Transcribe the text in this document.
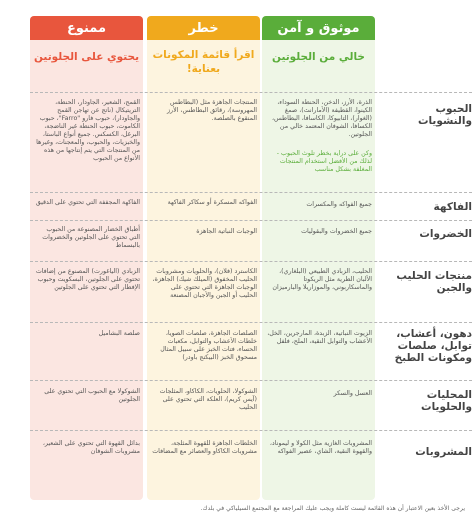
موثوق و آمن
خطر
ممنوع
خالي من الجلوتين
اقرأ قائمة المكونات بعناية!
يحتوي على الجلوتين
الحبوب والنشويات
الذرة، الأرز، الدخن، الحنطة السوداء، الكينوا، القطيفة (الأمارانث)، صمغ (الغوار)، التابيوكا، الكاسافا، البطاطس، الكسافا، الشوفان المعتمد خالي من الجلوتين.
وكن على دراية بخطر تلوث الحبوب - لذلك من الأفضل استخدام المنتجات المغلفة بشكل مناسب
المنتجات الجاهزة مثل (البطاطس المهروسة)، رقائق البطاطس، الأرز المنقوع بالصلصة.
القمح، الشعير، الجاودار، الحنطة، التريتيكال (ناتج عن تهاجن القمح والجاودار)، حبوب فارو "Farro"، حبوب الكاموت، حبوب الحنطة غير الناضجة، البرغل، الكسكس. جميع أنواع الباستا، والخبزيات، والحبوب، والمعجنات، وغيرها من المنتجات التي يتم إنتاجها من هذه الأنواع من الحبوب
الفاكهة
جميع الفواكه والمكسرات
الفواكه المسكرة أو سكاكر الفاكهة
الفاكهة المجففة التي تحتوي على الدقيق
الخضروات
جميع الخضروات والبقوليات
الوجبات النباتية الجاهزة
أطباق الخضار المصنوعة من الحبوب التي تحتوي على الجلوتين والخضروات بالبسماط
منتجات الحليب والجبن
الحليب، الزبادي الطبيعي (البلغاري)، الألبان الطرية مثل الريكوتا والماسكاربوني، والموزاريلا والبارميزان
الكاسترد (فلان)، والحلويات ومشروبات الحليب المخفوق (الميلك شيك) الجاهزة، الوجبات الجاهزة التي تحتوي على الحليب أو الجبن والأجبان المصنعة
الزبادي (الياغورت) المصنوع من إضافات تحتوي على الجلوتين، البسكويت وحبوب الإفطار التي تحتوي على الجلوتين
دهون، أعشاب، توابل، صلصات ومكونات الطبخ
الزيوت النباتية، الزبدة، المارجرين، الخل، الأعشاب والتوابل النقية، الملح، فلفل
الصلصات الجاهزة، صلصات الصويا، خلطات الأعشاب والتوابل، مكعبات الحساء، فتات الخبز على سبيل المثال مسحوق الخبز (البيكنج باودر)
صلصة البشاميل
المحليات والحلويات
العسل والسكر
الشوكولا، الحلويات، الكاكاو، المثلجات (آيس كريم)، العلكة التي تحتوي على الحليب
الشوكولا مع الحبوب التي تحتوي على الجلوتين
المشروبات
المشروبات الغازية مثل الكولا و ليموناد، والقهوة النقية، الشاي، عصير الفواكه
الخلطات الجاهزة للقهوة المثلجة، مشروبات الكاكاو والعصائر مع المضافات
بدائل القهوة التي تحتوي على الشعير، مشروبات الشوفان
يرجى الأخذ بعين الاعتبار أن هذه القائمة ليست كاملة ويجب عليك المراجعة مع المجتمع السيلياكي في بلدك.
